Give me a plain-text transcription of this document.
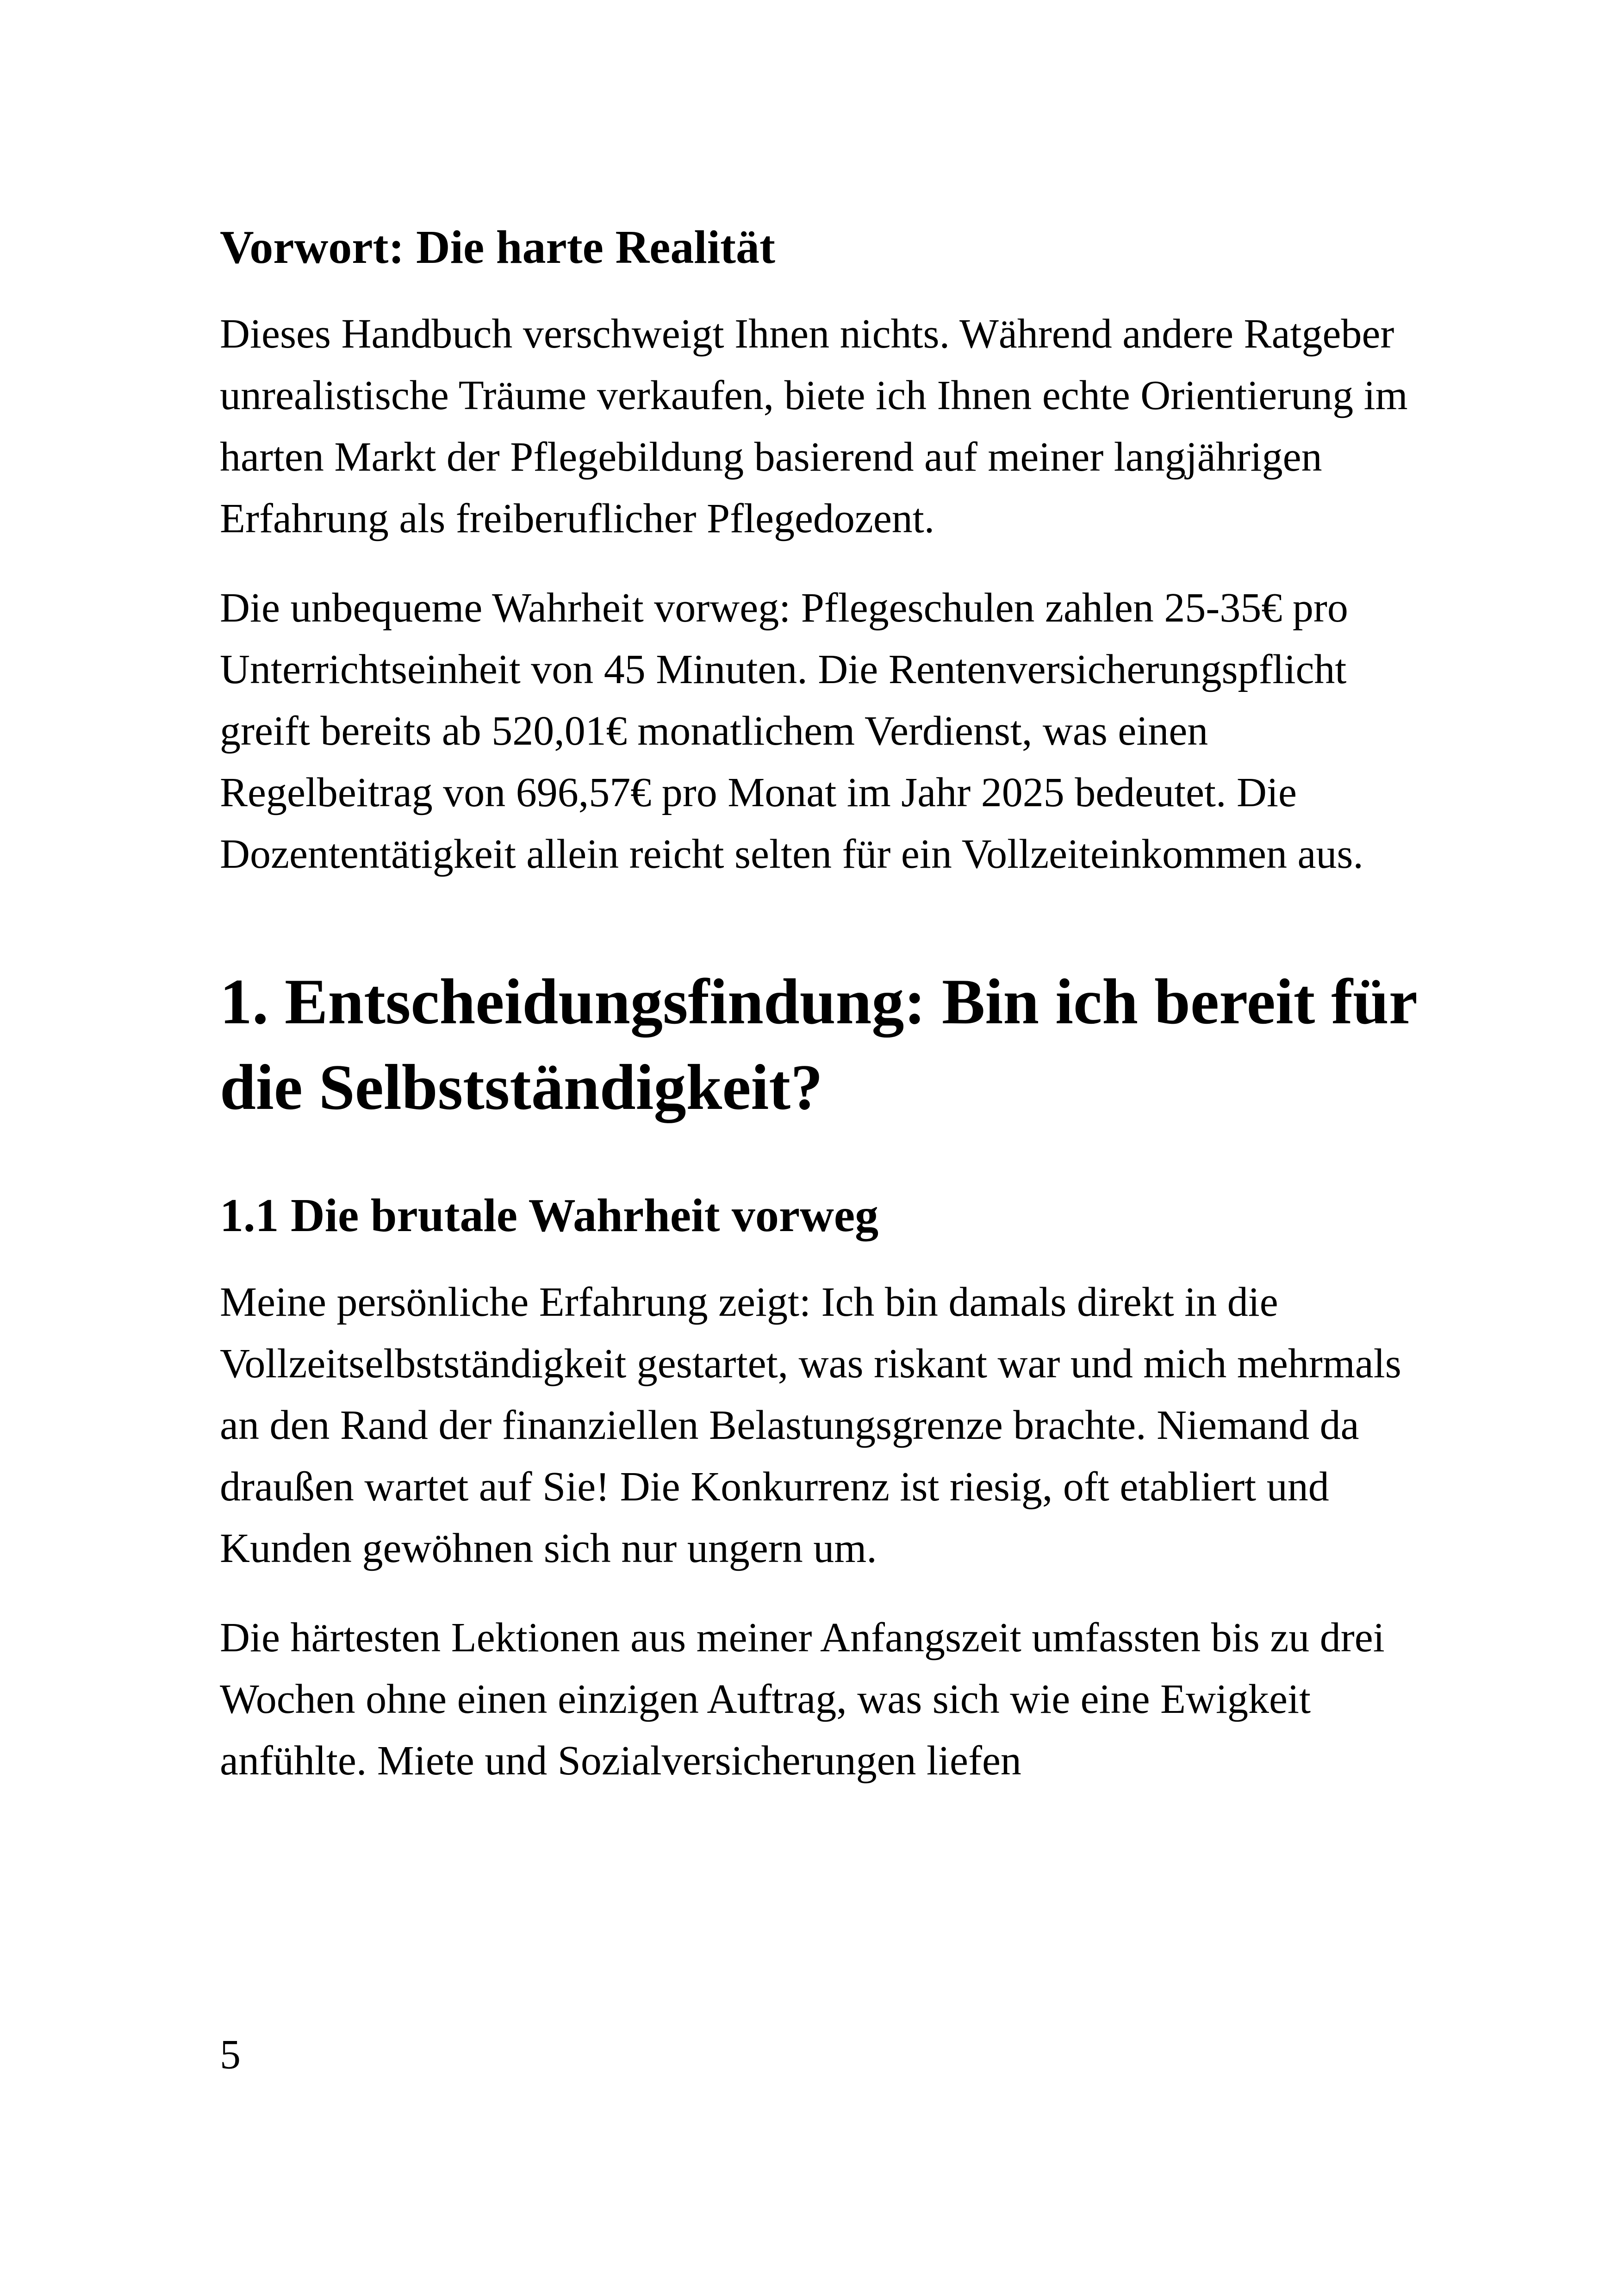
Vorwort: Die harte Realität

Dieses Handbuch verschweigt Ihnen nichts. Während andere Ratgeber unrealistische Träume verkaufen, biete ich Ihnen echte Orientierung im harten Markt der Pflegebildung basierend auf meiner langjährigen Erfahrung als freiberuflicher Pflegedozent.

Die unbequeme Wahrheit vorweg: Pflegeschulen zahlen 25-35€ pro Unterrichtseinheit von 45 Minuten. Die Rentenversicherungspflicht greift bereits ab 520,01€ monatlichem Verdienst, was einen Regelbeitrag von 696,57€ pro Monat im Jahr 2025 bedeutet. Die Dozententätigkeit allein reicht selten für ein Vollzeiteinkommen aus.

1. Entscheidungsfindung: Bin ich bereit für die Selbstständigkeit?
1.1 Die brutale Wahrheit vorweg

Meine persönliche Erfahrung zeigt: Ich bin damals direkt in die Vollzeitselbstständigkeit gestartet, was riskant war und mich mehrmals an den Rand der finanziellen Belastungsgrenze brachte. Niemand da draußen wartet auf Sie! Die Konkurrenz ist riesig, oft etabliert und Kunden gewöhnen sich nur ungern um.

Die härtesten Lektionen aus meiner Anfangszeit umfassten bis zu drei Wochen ohne einen einzigen Auftrag, was sich wie eine Ewigkeit anfühlte. Miete und Sozialversicherungen liefen

5
